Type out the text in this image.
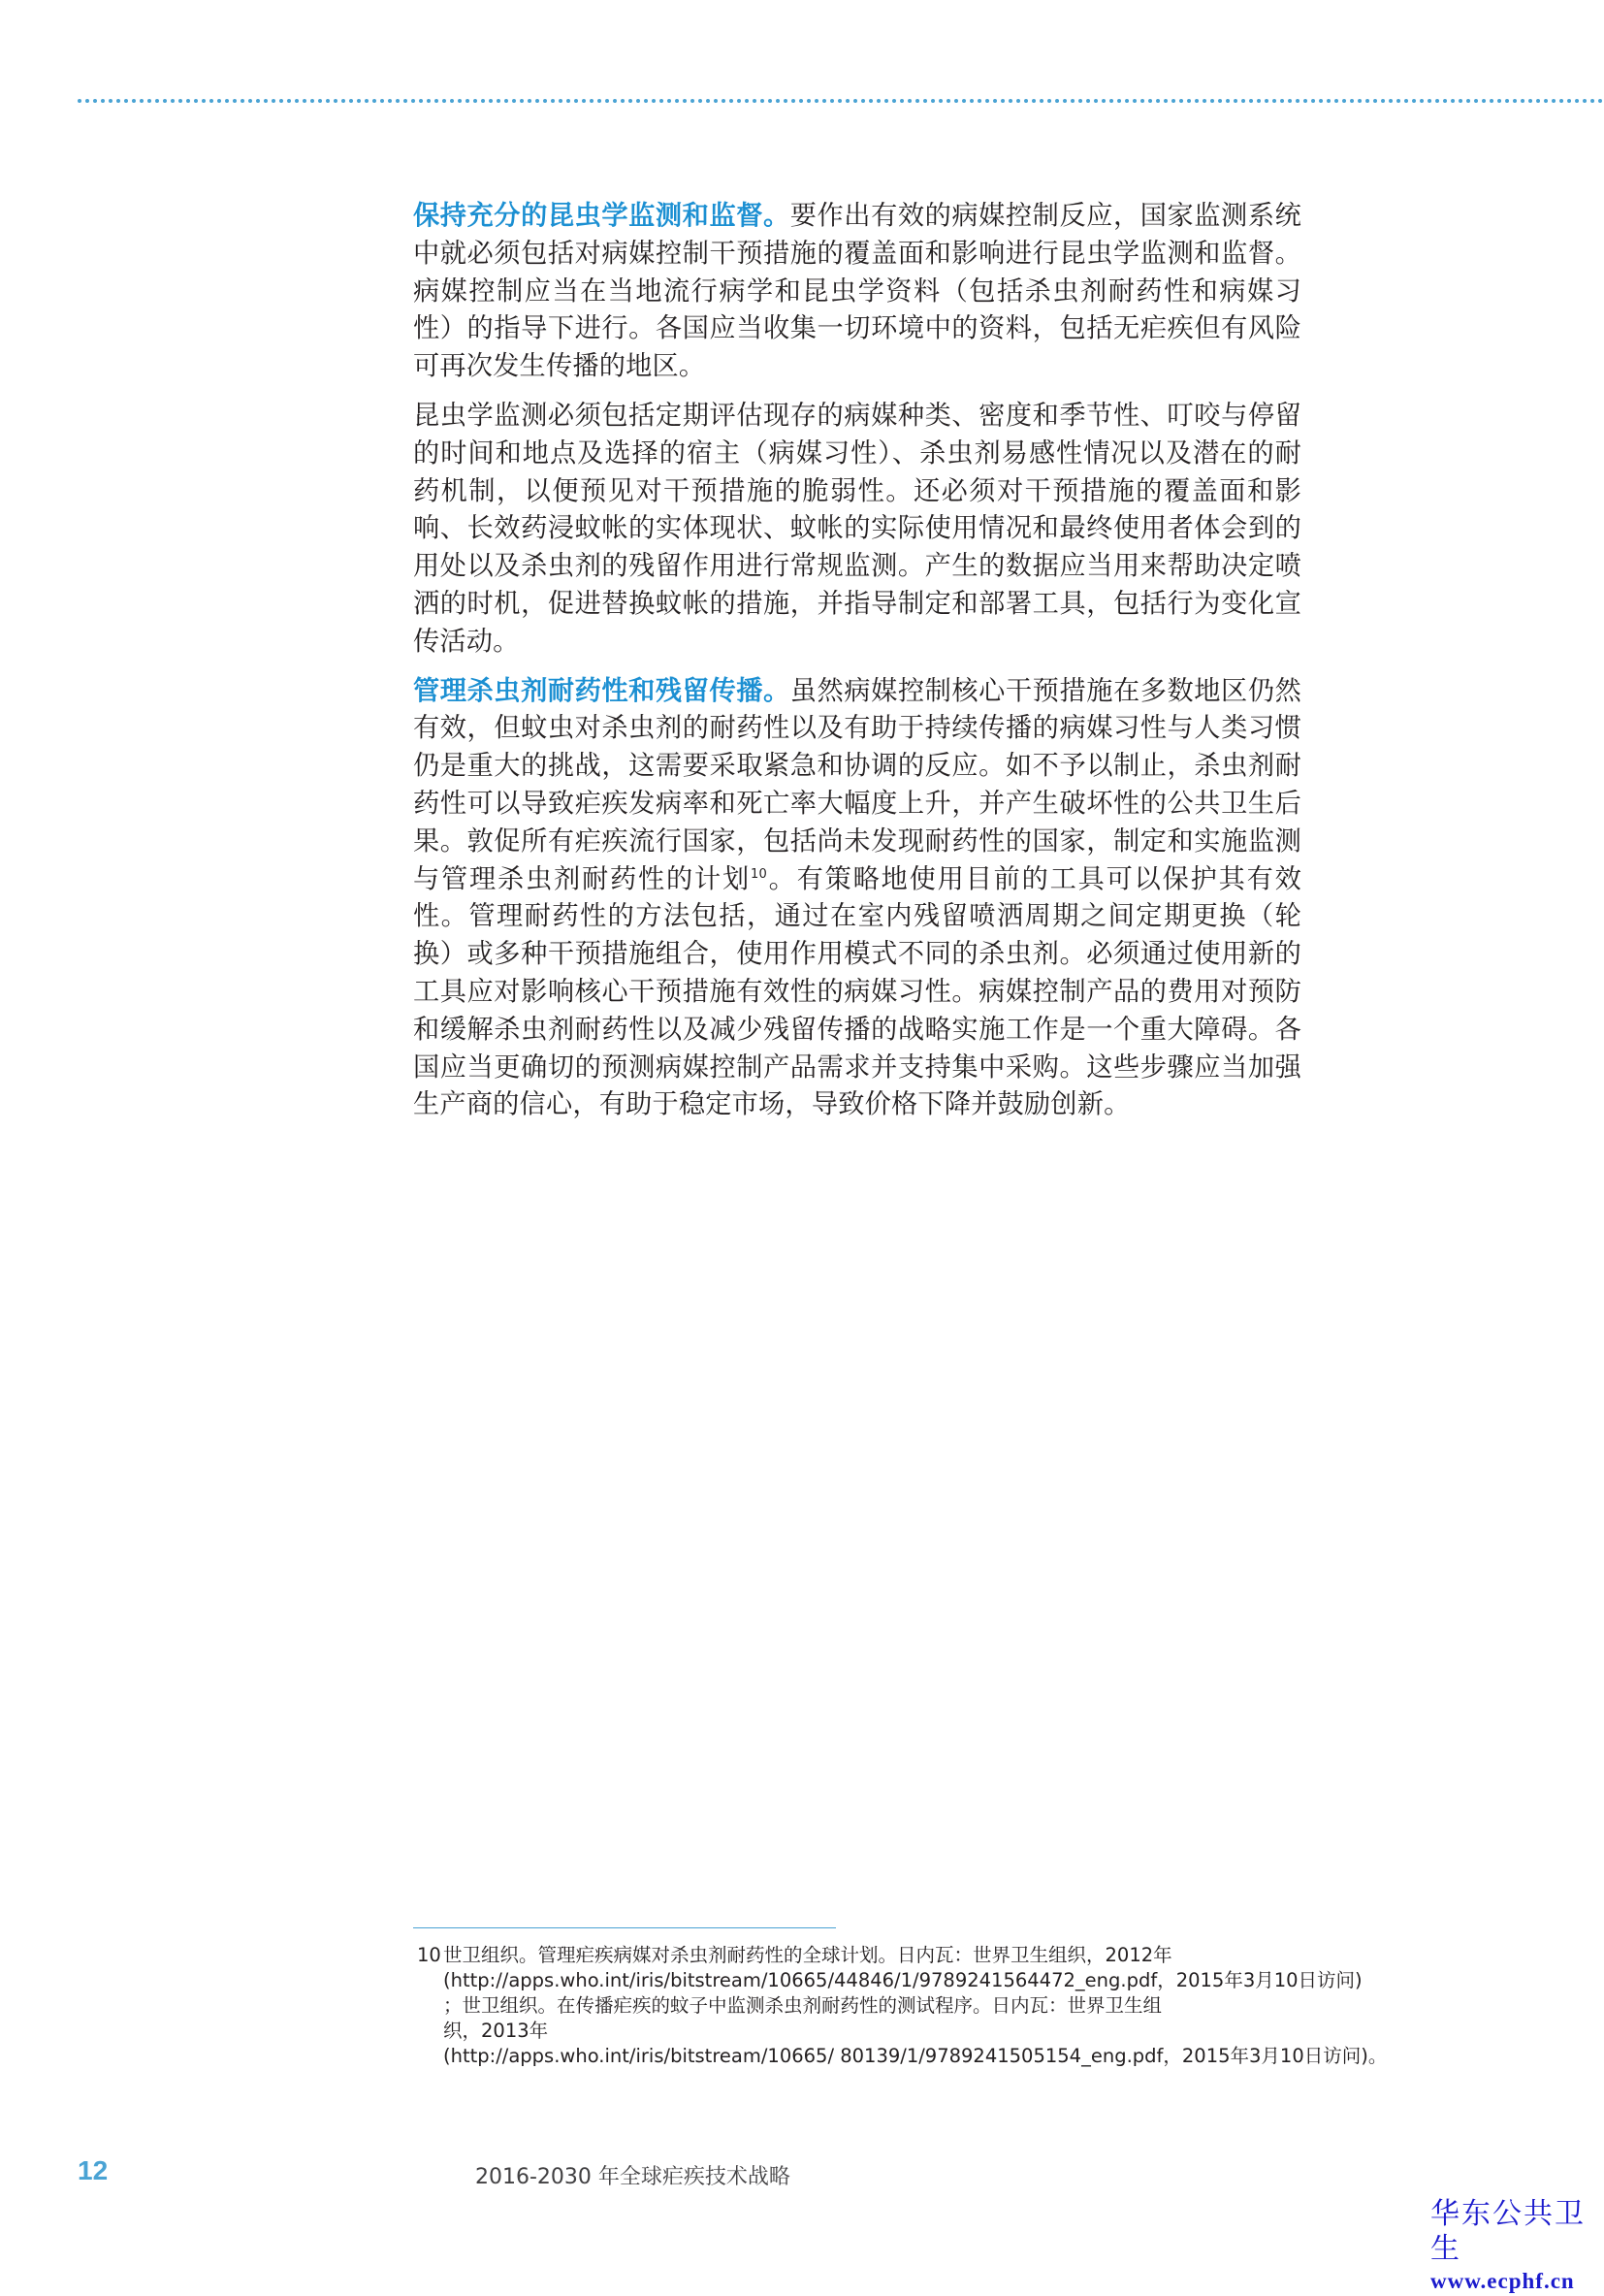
保持充分的昆虫学监测和监督。要作出有效的病媒控制反应，国家监测系统中就必须包括对病媒控制干预措施的覆盖面和影响进行昆虫学监测和监督。病媒控制应当在当地流行病学和昆虫学资料（包括杀虫剂耐药性和病媒习性）的指导下进行。各国应当收集一切环境中的资料，包括无疟疾但有风险可再次发生传播的地区。

昆虫学监测必须包括定期评估现存的病媒种类、密度和季节性、叮咬与停留的时间和地点及选择的宿主（病媒习性）、杀虫剂易感性情况以及潜在的耐药机制，以便预见对干预措施的脆弱性。还必须对干预措施的覆盖面和影响、长效药浸蚊帐的实体现状、蚊帐的实际使用情况和最终使用者体会到的用处以及杀虫剂的残留作用进行常规监测。产生的数据应当用来帮助决定喷洒的时机，促进替换蚊帐的措施，并指导制定和部署工具，包括行为变化宣传活动。

管理杀虫剂耐药性和残留传播。虽然病媒控制核心干预措施在多数地区仍然有效，但蚊虫对杀虫剂的耐药性以及有助于持续传播的病媒习性与人类习惯仍是重大的挑战，这需要采取紧急和协调的反应。如不予以制止，杀虫剂耐药性可以导致疟疾发病率和死亡率大幅度上升，并产生破坏性的公共卫生后果。敦促所有疟疾流行国家，包括尚未发现耐药性的国家，制定和实施监测与管理杀虫剂耐药性的计划$^{10}$。有策略地使用目前的工具可以保护其有效性。管理耐药性的方法包括，通过在室内残留喷洒周期之间定期更换（轮换）或多种干预措施组合，使用作用模式不同的杀虫剂。必须通过使用新的工具应对影响核心干预措施有效性的病媒习性。病媒控制产品的费用对预防和缓解杀虫剂耐药性以及减少残留传播的战略实施工作是一个重大障碍。各国应当更确切的预测病媒控制产品需求并支持集中采购。这些步骤应当加强生产商的信心，有助于稳定市场，导致价格下降并鼓励创新。

10 世卫组织。管理疟疾病媒对杀虫剂耐药性的全球计划。日内瓦：世界卫生组织，2012年
(http://apps.who.int/iris/bitstream/10665/44846/1/9789241564472_eng.pdf，2015年3月10日访问)
；世卫组织。在传播疟疾的蚊子中监测杀虫剂耐药性的测试程序。日内瓦：世界卫生组
织，2013年
(http://apps.who.int/iris/bitstream/10665/ 80139/1/9789241505154_eng.pdf，2015年3月10日访问)。
12	2016-2030 年全球疟疾技术战略
华东公共卫生
www.ecphf.cn
